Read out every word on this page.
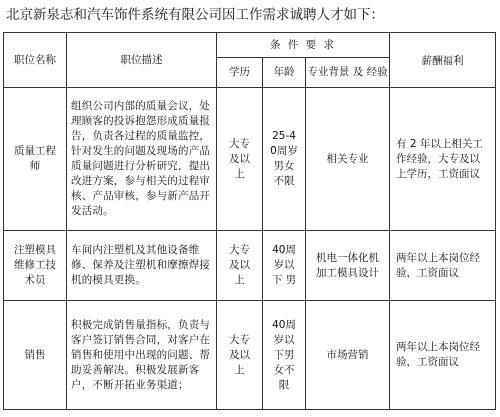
北京新泉志和汽车饰件系统有限公司因工作需求诚聘人才如下：
职位名称	职位描述	条 件 要 求			薪酬福利
		学历	年龄	专业背景 及 经验	
质量工程师	组织公司内部的质量会议，处理顾客的投诉抱怨形成质量报告，负责各过程的质量监控，针对发生的问题及现场的产品质量问题进行分析研究，提出改进方案，参与相关的过程审核、产品审核，参与新产品开发活动。	大专及以上	25-40周岁男女不限	相关专业	有 2 年以上相关工作经验，大专及以上学历，工资面议
注塑模具维修工技术员	车间内注塑机及其他设备维修、保养及注塑机和摩擦焊接机的模具更换。	大专及以上	40周岁以下 男	机电一体化机加工模具设计	两年以上本岗位经验，工资面议
销售	积极完成销售量指标，负责与客户签订销售合同，对客户在销售和使用中出现的问题、帮助妥善解决。积极发展新客户，不断开拓业务渠道；	大专及以上	40周岁以下男女不限	市场营销	两年以上本岗位经验，工资面议
